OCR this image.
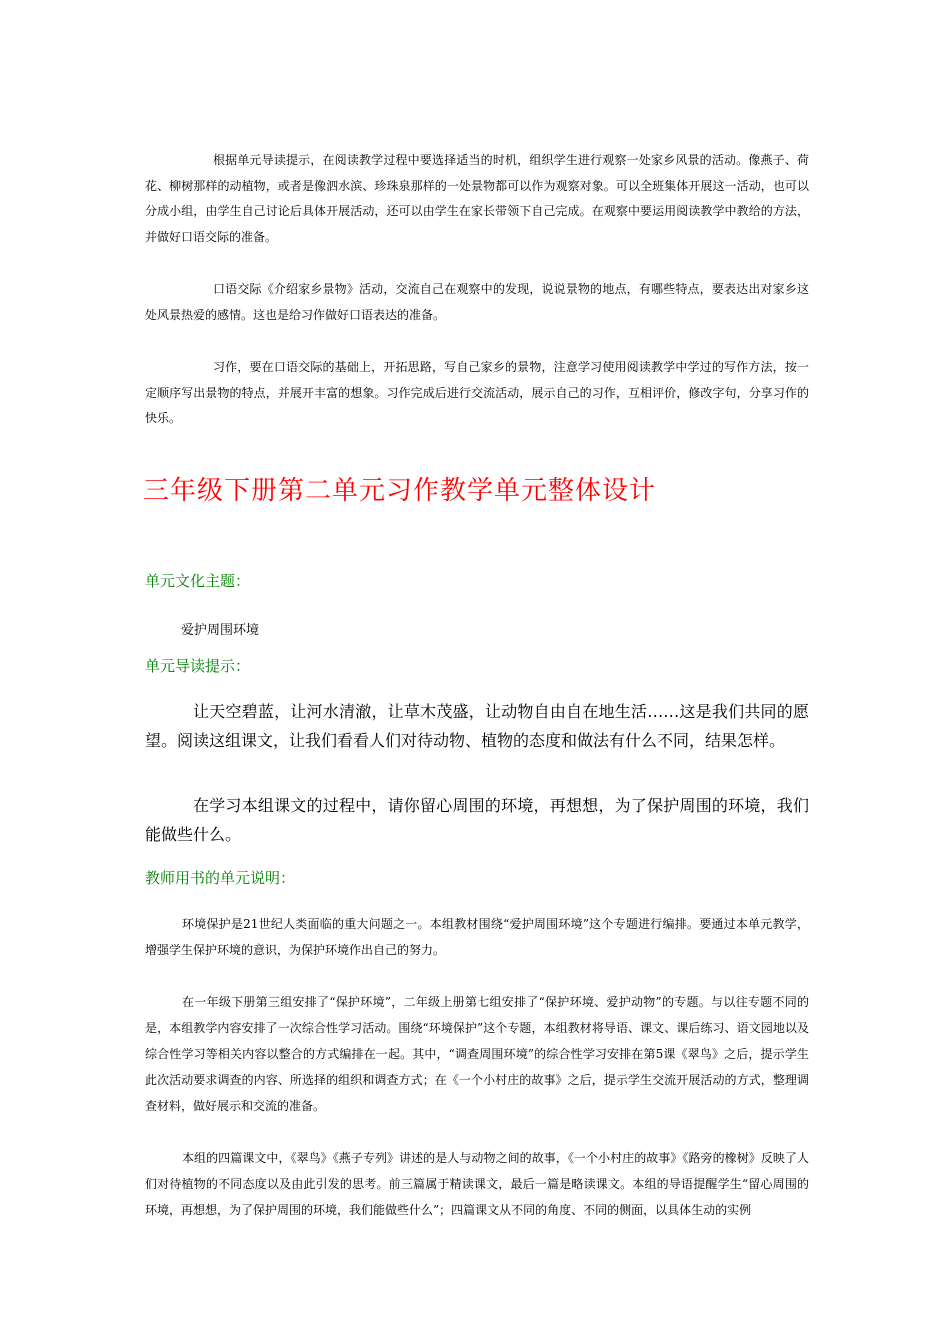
根据单元导读提示，在阅读教学过程中要选择适当的时机，组织学生进行观察一处家乡风景的活动。像燕子、荷花、柳树那样的动植物，或者是像泗水滨、珍珠泉那样的一处景物都可以作为观察对象。可以全班集体开展这一活动，也可以分成小组，由学生自己讨论后具体开展活动，还可以由学生在家长带领下自己完成。在观察中要运用阅读教学中教给的方法，并做好口语交际的准备。

口语交际《介绍家乡景物》活动，交流自己在观察中的发现，说说景物的地点，有哪些特点，要表达出对家乡这处风景热爱的感情。这也是给习作做好口语表达的准备。

习作，要在口语交际的基础上，开拓思路，写自己家乡的景物，注意学习使用阅读教学中学过的写作方法，按一定顺序写出景物的特点，并展开丰富的想象。习作完成后进行交流活动，展示自己的习作，互相评价，修改字句，分享习作的快乐。

三年级下册第二单元习作教学单元整体设计
单元文化主题：

爱护周围环境

单元导读提示：

让天空碧蓝，让河水清澈，让草木茂盛，让动物自由自在地生活……这是我们共同的愿望。阅读这组课文，让我们看看人们对待动物、植物的态度和做法有什么不同，结果怎样。

在学习本组课文的过程中，请你留心周围的环境，再想想，为了保护周围的环境，我们能做些什么。

教师用书的单元说明：

环境保护是21世纪人类面临的重大问题之一。本组教材围绕“爱护周围环境”这个专题进行编排。要通过本单元教学，增强学生保护环境的意识，为保护环境作出自己的努力。

在一年级下册第三组安排了“保护环境”，二年级上册第七组安排了“保护环境、爱护动物”的专题。与以往专题不同的是，本组教学内容安排了一次综合性学习活动。围绕“环境保护”这个专题，本组教材将导语、课文、课后练习、语文园地以及综合性学习等相关内容以整合的方式编排在一起。其中，“调查周围环境”的综合性学习安排在第5课《翠鸟》之后，提示学生此次活动要求调查的内容、所选择的组织和调查方式；在《一个小村庄的故事》之后，提示学生交流开展活动的方式，整理调查材料，做好展示和交流的准备。

本组的四篇课文中，《翠鸟》《燕子专列》讲述的是人与动物之间的故事，《一个小村庄的故事》《路旁的橡树》反映了人们对待植物的不同态度以及由此引发的思考。前三篇属于精读课文，最后一篇是略读课文。本组的导语提醒学生“留心周围的环境，再想想，为了保护周围的环境，我们能做些什么”；四篇课文从不同的角度、不同的侧面，以具体生动的实例
